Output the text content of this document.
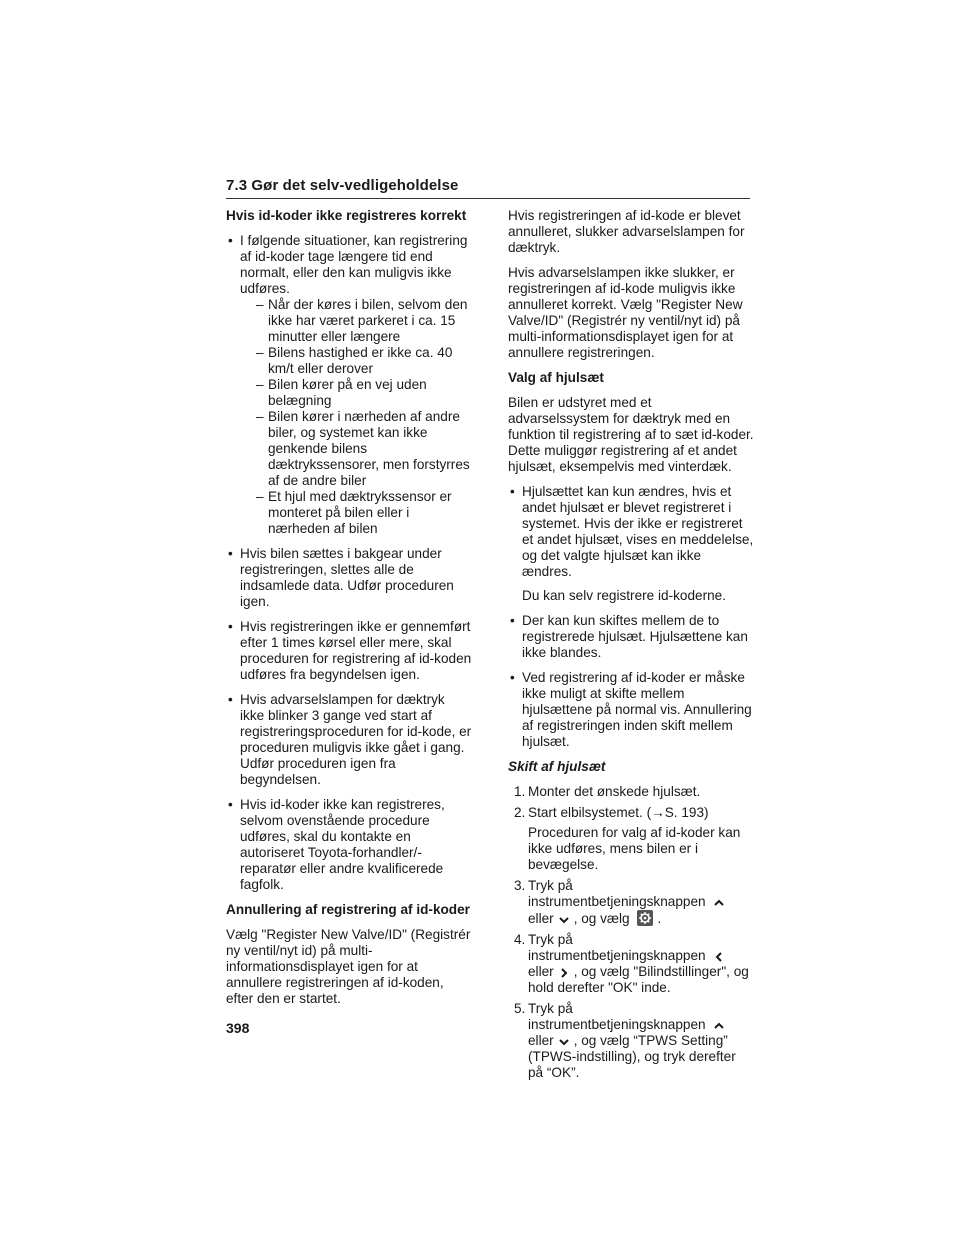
7.3 Gør det selv-vedligeholdelse
Hvis id-koder ikke registreres korrekt
• I følgende situationer, kan registrering af id-koder tage længere tid end normalt, eller den kan muligvis ikke udføres.
– Når der køres i bilen, selvom den ikke har været parkeret i ca. 15 minutter eller længere
– Bilens hastighed er ikke ca. 40 km/t eller derover
– Bilen kører på en vej uden belægning
– Bilen kører i nærheden af andre biler, og systemet kan ikke genkende bilens dæktrykssensorer, men forstyrres af de andre biler
– Et hjul med dæktrykssensor er monteret på bilen eller i nærheden af bilen
• Hvis bilen sættes i bakgear under registreringen, slettes alle de indsamlede data. Udfør proceduren igen.
• Hvis registreringen ikke er gennemført efter 1 times kørsel eller mere, skal proceduren for registrering af id-koden udføres fra begyndelsen igen.
• Hvis advarselslampen for dæktryk ikke blinker 3 gange ved start af registreringsproceduren for id-kode, er proceduren muligvis ikke gået i gang. Udfør proceduren igen fra begyndelsen.
• Hvis id-koder ikke kan registreres, selvom ovenstående procedure udføres, skal du kontakte en autoriseret Toyota-forhandler/-reparatør eller andre kvalificerede fagfolk.
Annullering af registrering af id-koder

Vælg "Register New Valve/ID" (Registrér ny ventil/nyt id) på multi-informationsdisplayet igen for at annullere registreringen af id-koden, efter den er startet.

Hvis registreringen af id-kode er blevet annulleret, slukker advarselslampen for dæktryk.

Hvis advarselslampen ikke slukker, er registreringen af id-kode muligvis ikke annulleret korrekt. Vælg "Register New Valve/ID" (Registrér ny ventil/nyt id) på multi-informationsdisplayet igen for at annullere registreringen.

Valg af hjulsæt

Bilen er udstyret med et advarselssystem for dæktryk med en funktion til registrering af to sæt id-koder. Dette muliggør registrering af et andet hjulsæt, eksempelvis med vinterdæk.

• Hjulsættet kan kun ændres, hvis et andet hjulsæt er blevet registreret i systemet. Hvis der ikke er registreret et andet hjulsæt, vises en meddelelse, og det valgte hjulsæt kan ikke ændres.
Du kan selv registrere id-koderne.
• Der kan kun skiftes mellem de to registrerede hjulsæt. Hjulsættene kan ikke blandes.
• Ved registrering af id-koder er måske ikke muligt at skifte mellem hjulsættene på normal vis. Annullering af registreringen inden skift mellem hjulsæt.
Skift af hjulsæt
1. Monter det ønskede hjulsæt.
2. Start elbilsystemet. (→S. 193)
Proceduren for valg af id-koder kan ikke udføres, mens bilen er i bevægelse.
3. Tryk på instrumentbetjeningsknappen
eller , og vælg .
4. Tryk på instrumentbetjeningsknappen
eller , og vælg "Bilindstillinger", og hold derefter "OK" inde.
5. Tryk på instrumentbetjeningsknappen
eller , og vælg “TPWS Setting” (TPWS-indstilling), og tryk derefter på “OK”.
398
